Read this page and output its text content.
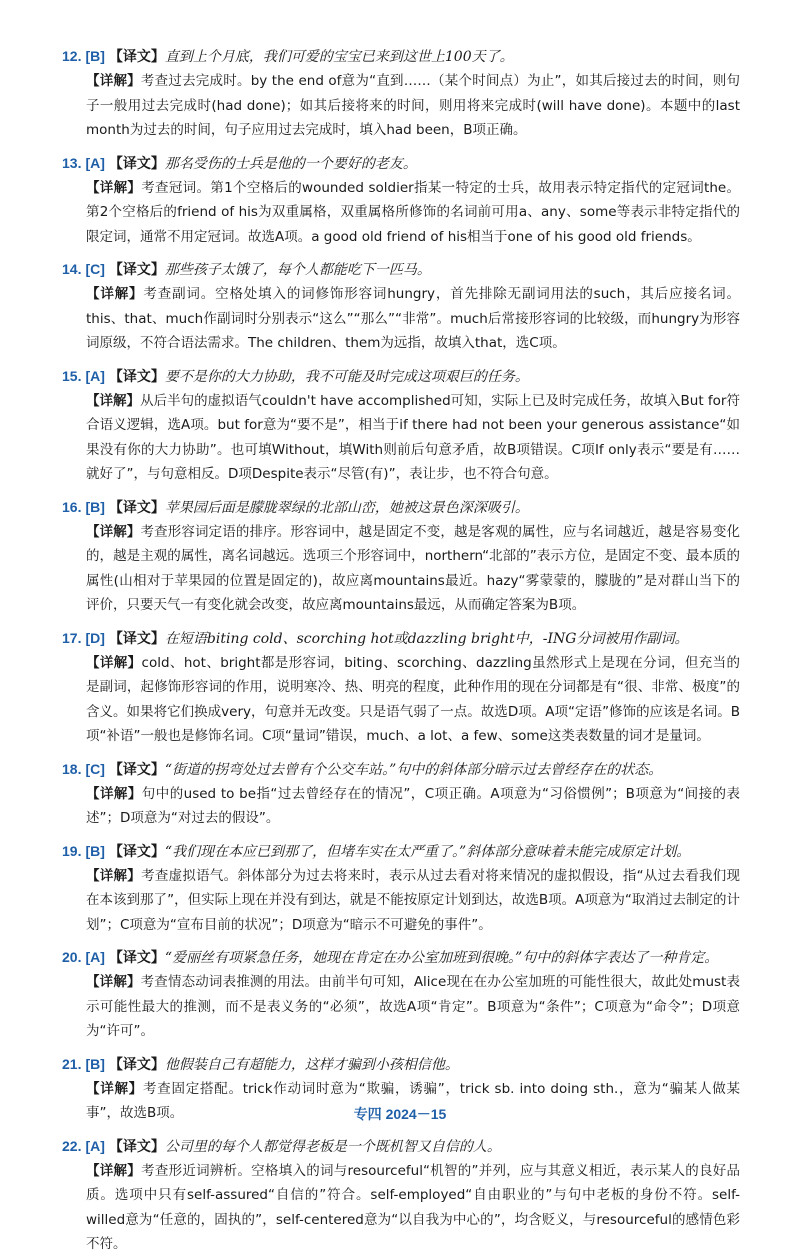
12. [B] 【译文】直到上个月底，我们可爱的宝宝已来到这世上100天了。
【详解】考查过去完成时。by the end of意为“直到……（某个时间点）为止”，如其后接过去的时间，则句子一般用过去完成时(had done)；如其后接将来的时间，则用将来完成时(will have done)。本题中的last month为过去的时间，句子应用过去完成时，填入had been，B项正确。
13. [A] 【译文】那名受伤的士兵是他的一个要好的老友。
【详解】考查冠词。第1个空格后的wounded soldier指某一特定的士兵，故用表示特定指代的定冠词the。第2个空格后的friend of his为双重属格，双重属格所修饰的名词前可用a、any、some等表示非特定指代的限定词，通常不用定冠词。故选A项。a good old friend of his相当于one of his good old friends。
14. [C] 【译文】那些孩子太饿了，每个人都能吃下一匹马。
【详解】考查副词。空格处填入的词修饰形容词hungry，首先排除无副词用法的such，其后应接名词。this、that、much作副词时分别表示“这么”“那么”“非常”。much后常接形容词的比较级，而hungry为形容词原级，不符合语法需求。The children、them为远指，故填入that，选C项。
15. [A] 【译文】要不是你的大力协助，我不可能及时完成这项艰巨的任务。
【详解】从后半句的虚拟语气couldn't have accomplished可知，实际上已及时完成任务，故填入But for符合语义逻辑，选A项。but for意为“要不是”，相当于if there had not been your generous assistance“如果没有你的大力协助”。也可填Without，填With则前后句意矛盾，故B项错误。C项If only表示“要是有……就好了”，与句意相反。D项Despite表示“尽管(有)”，表让步，也不符合句意。
16. [B] 【译文】苹果园后面是朦胧翠绿的北部山峦，她被这景色深深吸引。
【详解】考查形容词定语的排序。形容词中，越是固定不变，越是客观的属性，应与名词越近，越是容易变化的，越是主观的属性，离名词越远。选项三个形容词中，northern“北部的”表示方位，是固定不变、最本质的属性(山相对于苹果园的位置是固定的)，故应离mountains最近。hazy“雾蒙蒙的，朦胧的”是对群山当下的评价，只要天气一有变化就会改变，故应离mountains最远，从而确定答案为B项。
17. [D] 【译文】在短语biting cold、scorching hot或dazzling bright中，-ING分词被用作副词。
【详解】cold、hot、bright都是形容词，biting、scorching、dazzling虽然形式上是现在分词，但充当的是副词，起修饰形容词的作用，说明寒冷、热、明亮的程度，此种作用的现在分词都是有“很、非常、极度”的含义。如果将它们换成very，句意并无改变。只是语气弱了一点。故选D项。A项“定语”修饰的应该是名词。B项“补语”一般也是修饰名词。C项“量词”错误，much、a lot、a few、some这类表数量的词才是量词。
18. [C] 【译文】“街道的拐弯处过去曾有个公交车站。”句中的斜体部分暗示过去曾经存在的状态。
【详解】句中的used to be指“过去曾经存在的情况”，C项正确。A项意为“习俗惯例”；B项意为“间接的表述”；D项意为“对过去的假设”。
19. [B] 【译文】“我们现在本应已到那了，但堵车实在太严重了。”斜体部分意味着未能完成原定计划。
【详解】考查虚拟语气。斜体部分为过去将来时，表示从过去看对将来情况的虚拟假设，指“从过去看我们现在本该到那了”，但实际上现在并没有到达，就是不能按原定计划到达，故选B项。A项意为“取消过去制定的计划”；C项意为“宣布目前的状况”；D项意为“暗示不可避免的事件”。
20. [A] 【译文】“爱丽丝有项紧急任务，她现在肯定在办公室加班到很晚。”句中的斜体字表达了一种肯定。
【详解】考查情态动词表推测的用法。由前半句可知，Alice现在在办公室加班的可能性很大，故此处must表示可能性最大的推测，而不是表义务的“必须”，故选A项“肯定”。B项意为“条件”；C项意为“命令”；D项意为“许可”。
21. [B] 【译文】他假装自己有超能力，这样才骗到小孩相信他。
【详解】考查固定搭配。trick作动词时意为“欺骗，诱骗”，trick sb. into doing sth.，意为“骗某人做某事”，故选B项。
22. [A] 【译文】公司里的每个人都觉得老板是一个既机智又自信的人。
【详解】考查形近词辨析。空格填入的词与resourceful“机智的”并列，应与其意义相近，表示某人的良好品质。选项中只有self-assured“自信的”符合。self-employed“自由职业的”与句中老板的身份不符。self-willed意为“任意的，固执的”，self-centered意为“以自我为中心的”，均含贬义，与resourceful的感情色彩不符。
专四 2024－15
